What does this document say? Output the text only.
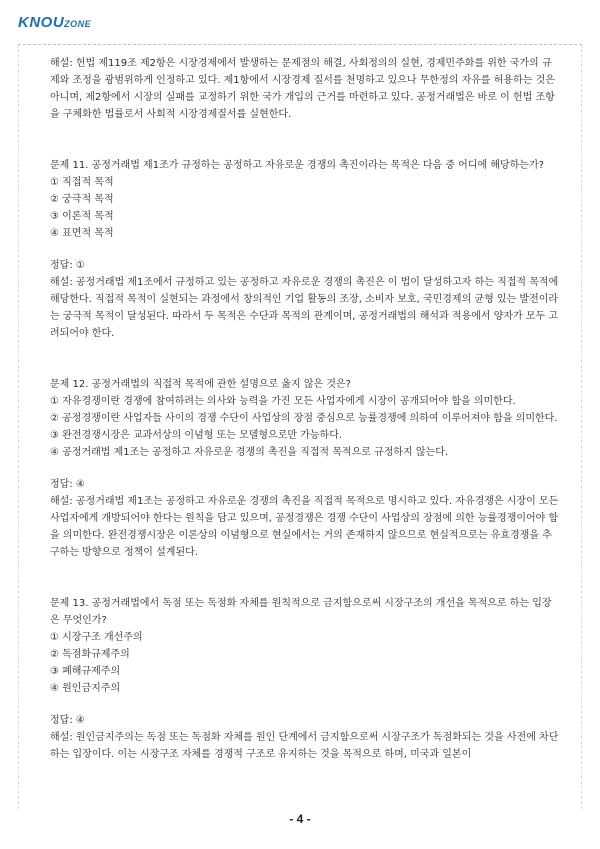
KNOUZONE
해설: 헌법 제119조 제2항은 시장경제에서 발생하는 문제점의 해결, 사회정의의 실현, 경제민주화를 위한 국가의 규제와 조정을 광범위하게 인정하고 있다. 제1항에서 시장경제 질서를 천명하고 있으나 무한정의 자유를 허용하는 것은 아니며, 제2항에서 시장의 실패를 교정하기 위한 국가 개입의 근거를 마련하고 있다. 공정거래법은 바로 이 헌법 조항을 구체화한 법률로서 사회적 시장경제질서를 실현한다.
문제 11. 공정거래법 제1조가 규정하는 공정하고 자유로운 경쟁의 촉진이라는 목적은 다음 중 어디에 해당하는가?
① 직접적 목적
② 궁극적 목적
③ 이론적 목적
④ 표면적 목적
정답: ①
해설: 공정거래법 제1조에서 규정하고 있는 공정하고 자유로운 경쟁의 촉진은 이 법이 달성하고자 하는 직접적 목적에 해당한다. 직접적 목적이 실현되는 과정에서 창의적인 기업 활동의 조장, 소비자 보호, 국민경제의 균형 있는 발전이라는 궁극적 목적이 달성된다. 따라서 두 목적은 수단과 목적의 관계이며, 공정거래법의 해석과 적용에서 양자가 모두 고려되어야 한다.
문제 12. 공정거래법의 직접적 목적에 관한 설명으로 옳지 않은 것은?
① 자유경쟁이란 경쟁에 참여하려는 의사와 능력을 가진 모든 사업자에게 시장이 공개되어야 함을 의미한다.
② 공정경쟁이란 사업자들 사이의 경쟁 수단이 사업상의 장점 중심으로 능률경쟁에 의하여 이루어져야 함을 의미한다.
③ 완전경쟁시장은 교과서상의 이념형 또는 모델형으로만 가능하다.
④ 공정거래법 제1조는 공정하고 자유로운 경쟁의 촉진을 직접적 목적으로 규정하지 않는다.
정답: ④
해설: 공정거래법 제1조는 공정하고 자유로운 경쟁의 촉진을 직접적 목적으로 명시하고 있다. 자유경쟁은 시장이 모든 사업자에게 개방되어야 한다는 원칙을 담고 있으며, 공정경쟁은 경쟁 수단이 사업상의 장점에 의한 능률경쟁이어야 함을 의미한다. 완전경쟁시장은 이론상의 이념형으로 현실에서는 거의 존재하지 않으므로 현실적으로는 유효경쟁을 추구하는 방향으로 정책이 설계된다.
문제 13. 공정거래법에서 독점 또는 독점화 자체를 원칙적으로 금지함으로써 시장구조의 개선을 목적으로 하는 입장은 무엇인가?
① 시장구조 개선주의
② 독점화규제주의
③ 폐해규제주의
④ 원인금지주의
정답: ④
해설: 원인금지주의는 독점 또는 독점화 자체를 원인 단계에서 금지함으로써 시장구조가 독점화되는 것을 사전에 차단하는 입장이다. 이는 시장구조 자체를 경쟁적 구조로 유지하는 것을 목적으로 하며, 미국과 일본이
- 4 -
